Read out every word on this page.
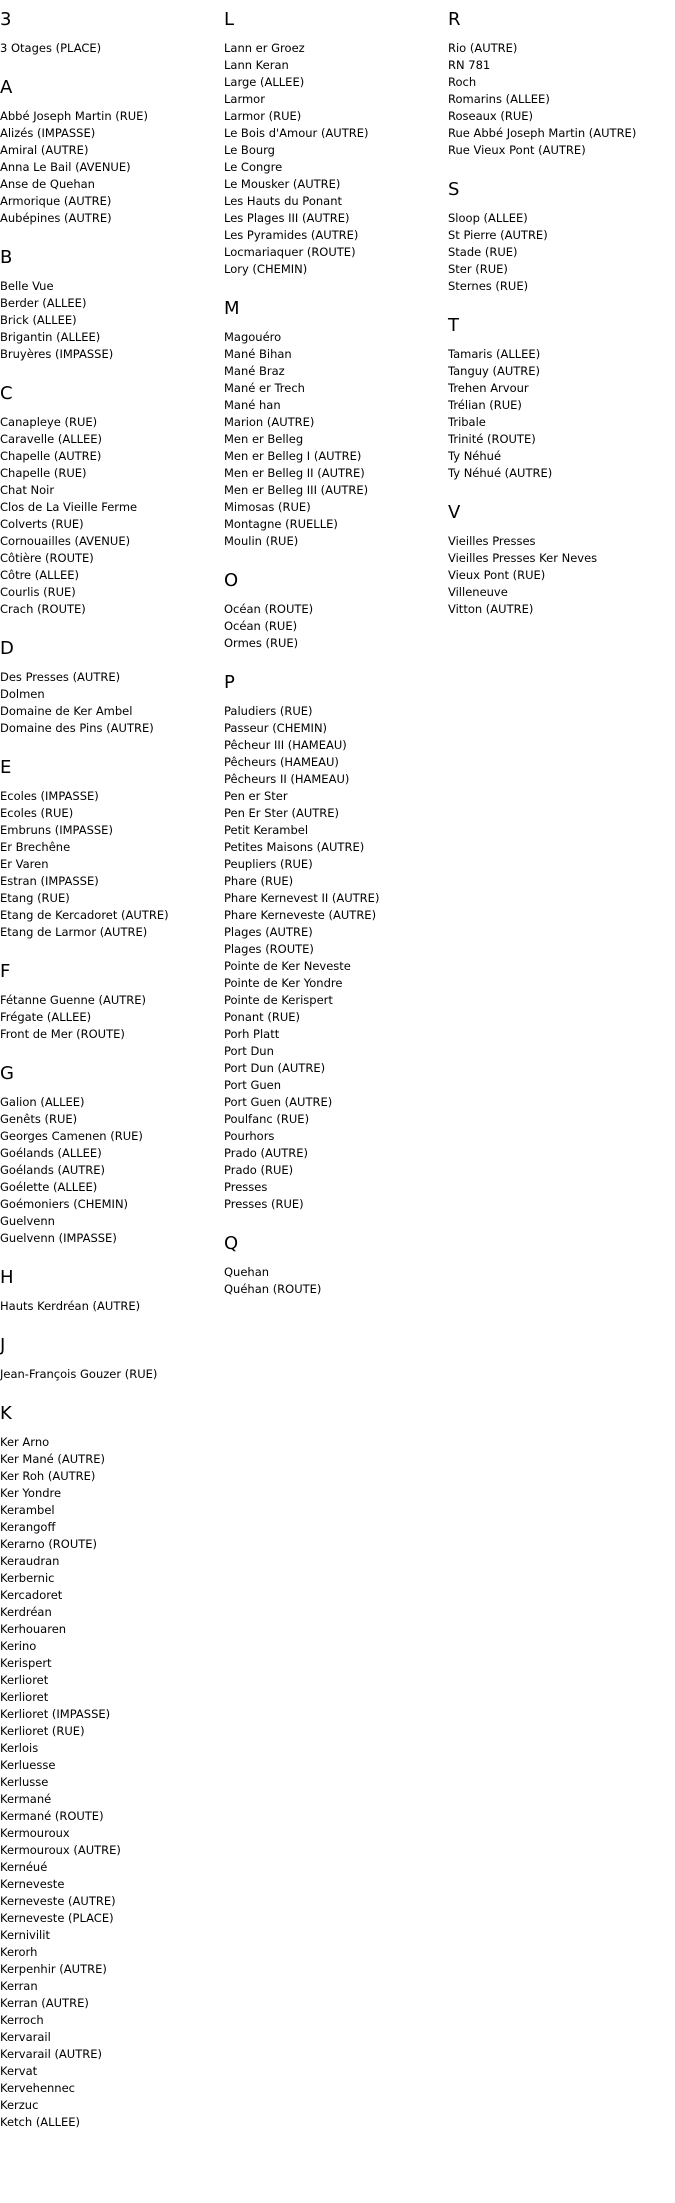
3
3 Otages (PLACE)
A
Abbé Joseph Martin (RUE)
Alizés (IMPASSE)
Amiral (AUTRE)
Anna Le Bail (AVENUE)
Anse de Quehan
Armorique (AUTRE)
Aubépines (AUTRE)
B
Belle Vue
Berder (ALLEE)
Brick (ALLEE)
Brigantin (ALLEE)
Bruyères (IMPASSE)
C
Canapleye (RUE)
Caravelle (ALLEE)
Chapelle (AUTRE)
Chapelle (RUE)
Chat Noir
Clos de La Vieille Ferme
Colverts (RUE)
Cornouailles (AVENUE)
Côtière (ROUTE)
Côtre (ALLEE)
Courlis (RUE)
Crach (ROUTE)
D
Des Presses (AUTRE)
Dolmen
Domaine de Ker Ambel
Domaine des Pins (AUTRE)
E
Ecoles (IMPASSE)
Ecoles (RUE)
Embruns (IMPASSE)
Er Brechêne
Er Varen
Estran (IMPASSE)
Etang (RUE)
Etang de Kercadoret (AUTRE)
Etang de Larmor (AUTRE)
F
Fétanne Guenne (AUTRE)
Frégate (ALLEE)
Front de Mer (ROUTE)
G
Galion (ALLEE)
Genêts (RUE)
Georges Camenen (RUE)
Goélands (ALLEE)
Goélands (AUTRE)
Goélette (ALLEE)
Goémoniers (CHEMIN)
Guelvenn
Guelvenn (IMPASSE)
H
Hauts Kerdréan (AUTRE)
J
Jean-François Gouzer (RUE)
K
Ker Arno
Ker Mané (AUTRE)
Ker Roh (AUTRE)
Ker Yondre
Kerambel
Kerangoff
Kerarno (ROUTE)
Keraudran
Kerbernic
Kercadoret
Kerdréan
Kerhouaren
Kerino
Kerispert
Kerlioret
Kerlioret
Kerlioret (IMPASSE)
Kerlioret (RUE)
Kerlois
Kerluesse
Kerlusse
Kermané
Kermané (ROUTE)
Kermouroux
Kermouroux (AUTRE)
Kernéué
Kerneveste
Kerneveste (AUTRE)
Kerneveste (PLACE)
Kernivilit
Kerorh
Kerpenhir (AUTRE)
Kerran
Kerran (AUTRE)
Kerroch
Kervarail
Kervarail (AUTRE)
Kervat
Kervehennec
Kerzuc
Ketch (ALLEE)
L
Lann er Groez
Lann Keran
Large (ALLEE)
Larmor
Larmor (RUE)
Le Bois d'Amour (AUTRE)
Le Bourg
Le Congre
Le Mousker (AUTRE)
Les Hauts du Ponant
Les Plages III (AUTRE)
Les Pyramides (AUTRE)
Locmariaquer (ROUTE)
Lory (CHEMIN)
M
Magouéro
Mané Bihan
Mané Braz
Mané er Trech
Mané han
Marion (AUTRE)
Men er Belleg
Men er Belleg I (AUTRE)
Men er Belleg II (AUTRE)
Men er Belleg III (AUTRE)
Mimosas (RUE)
Montagne (RUELLE)
Moulin (RUE)
O
Océan (ROUTE)
Océan (RUE)
Ormes (RUE)
P
Paludiers (RUE)
Passeur (CHEMIN)
Pêcheur III (HAMEAU)
Pêcheurs (HAMEAU)
Pêcheurs II (HAMEAU)
Pen er Ster
Pen Er Ster (AUTRE)
Petit Kerambel
Petites Maisons (AUTRE)
Peupliers (RUE)
Phare (RUE)
Phare Kernevest II (AUTRE)
Phare Kerneveste (AUTRE)
Plages (AUTRE)
Plages (ROUTE)
Pointe de Ker Neveste
Pointe de Ker Yondre
Pointe de Kerispert
Ponant (RUE)
Porh Platt
Port Dun
Port Dun (AUTRE)
Port Guen
Port Guen (AUTRE)
Poulfanc (RUE)
Pourhors
Prado (AUTRE)
Prado (RUE)
Presses
Presses (RUE)
Q
Quehan
Quéhan (ROUTE)
R
Rio (AUTRE)
RN 781
Roch
Romarins (ALLEE)
Roseaux (RUE)
Rue Abbé Joseph Martin (AUTRE)
Rue Vieux Pont (AUTRE)
S
Sloop (ALLEE)
St Pierre (AUTRE)
Stade (RUE)
Ster (RUE)
Sternes (RUE)
T
Tamaris (ALLEE)
Tanguy (AUTRE)
Trehen Arvour
Trélian (RUE)
Tribale
Trinité (ROUTE)
Ty Néhué
Ty Néhué (AUTRE)
V
Vieilles Presses
Vieilles Presses Ker Neves
Vieux Pont (RUE)
Villeneuve
Vitton (AUTRE)
